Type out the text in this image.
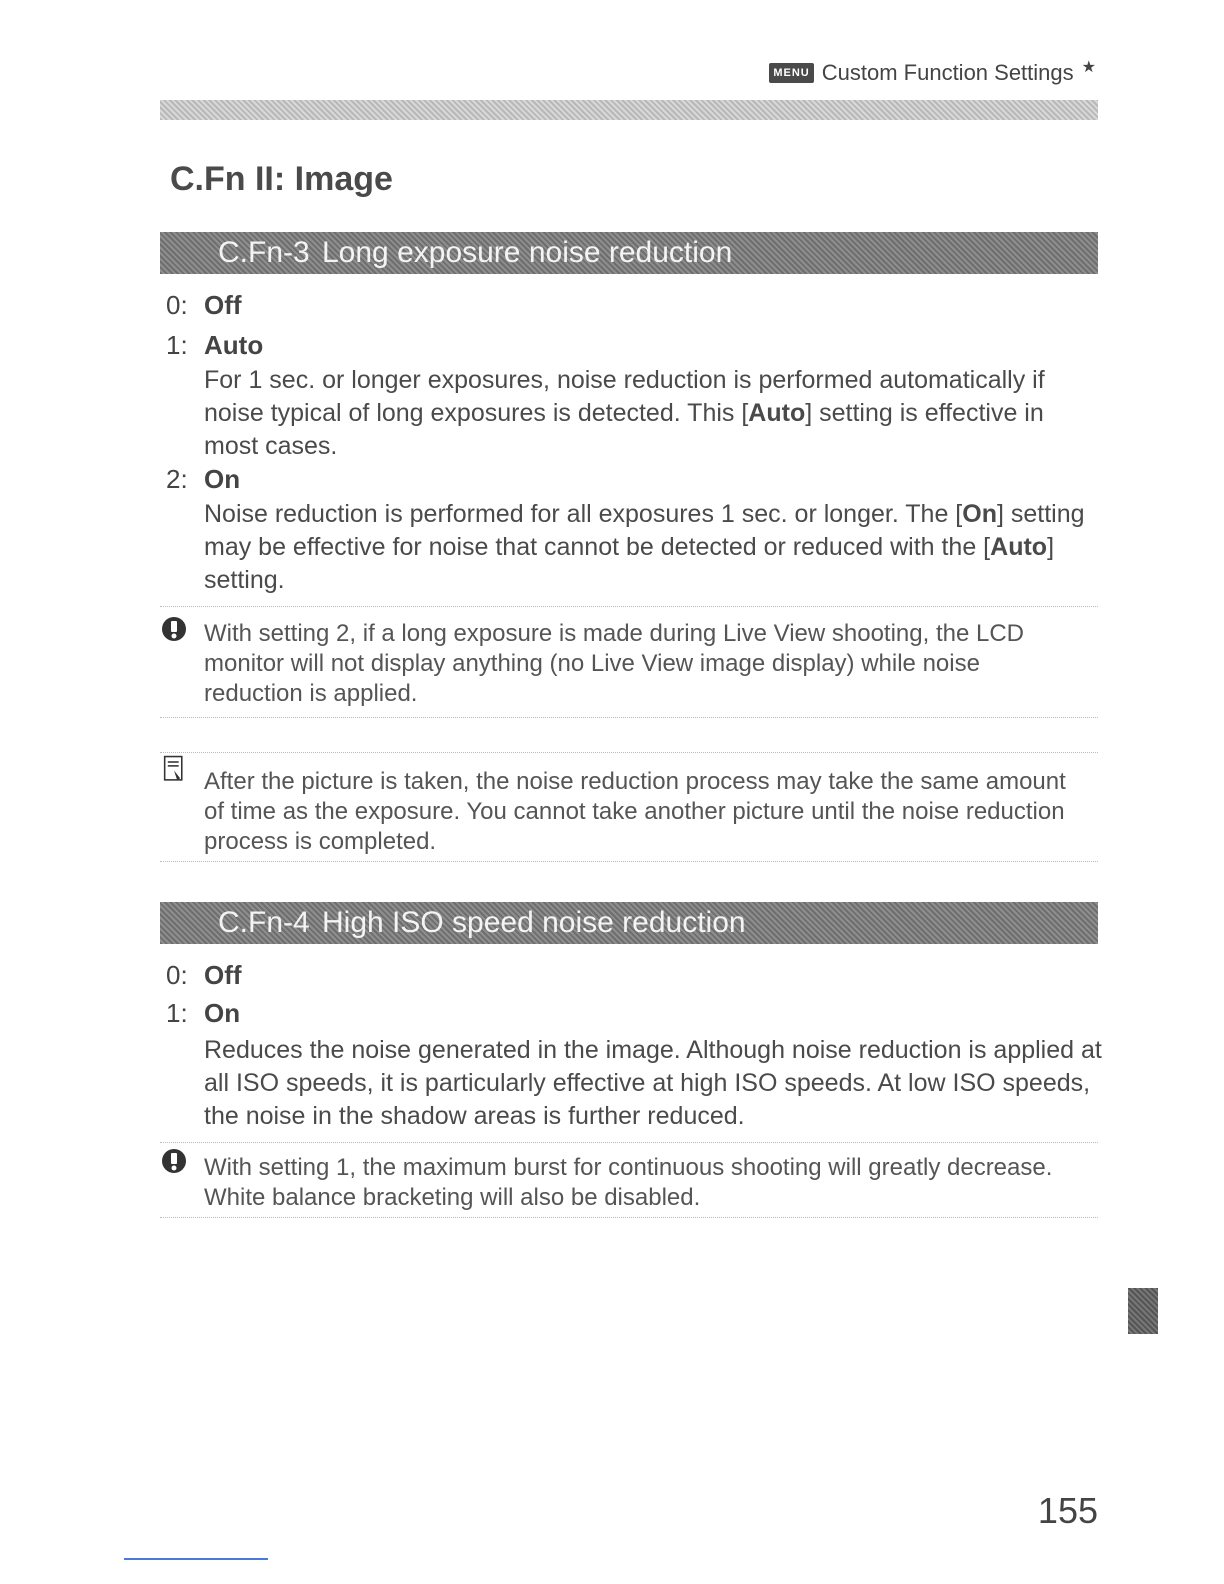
MENU Custom Function Settings ★
C.Fn II: Image
C.Fn-3 Long exposure noise reduction
0: Off
1: Auto
For 1 sec. or longer exposures, noise reduction is performed automatically if noise typical of long exposures is detected. This [Auto] setting is effective in most cases.
2: On
Noise reduction is performed for all exposures 1 sec. or longer. The [On] setting may be effective for noise that cannot be detected or reduced with the [Auto] setting.
With setting 2, if a long exposure is made during Live View shooting, the LCD monitor will not display anything (no Live View image display) while noise reduction is applied.
After the picture is taken, the noise reduction process may take the same amount of time as the exposure. You cannot take another picture until the noise reduction process is completed.
C.Fn-4 High ISO speed noise reduction
0: Off
1: On
Reduces the noise generated in the image. Although noise reduction is applied at all ISO speeds, it is particularly effective at high ISO speeds. At low ISO speeds, the noise in the shadow areas is further reduced.
With setting 1, the maximum burst for continuous shooting will greatly decrease. White balance bracketing will also be disabled.
155
